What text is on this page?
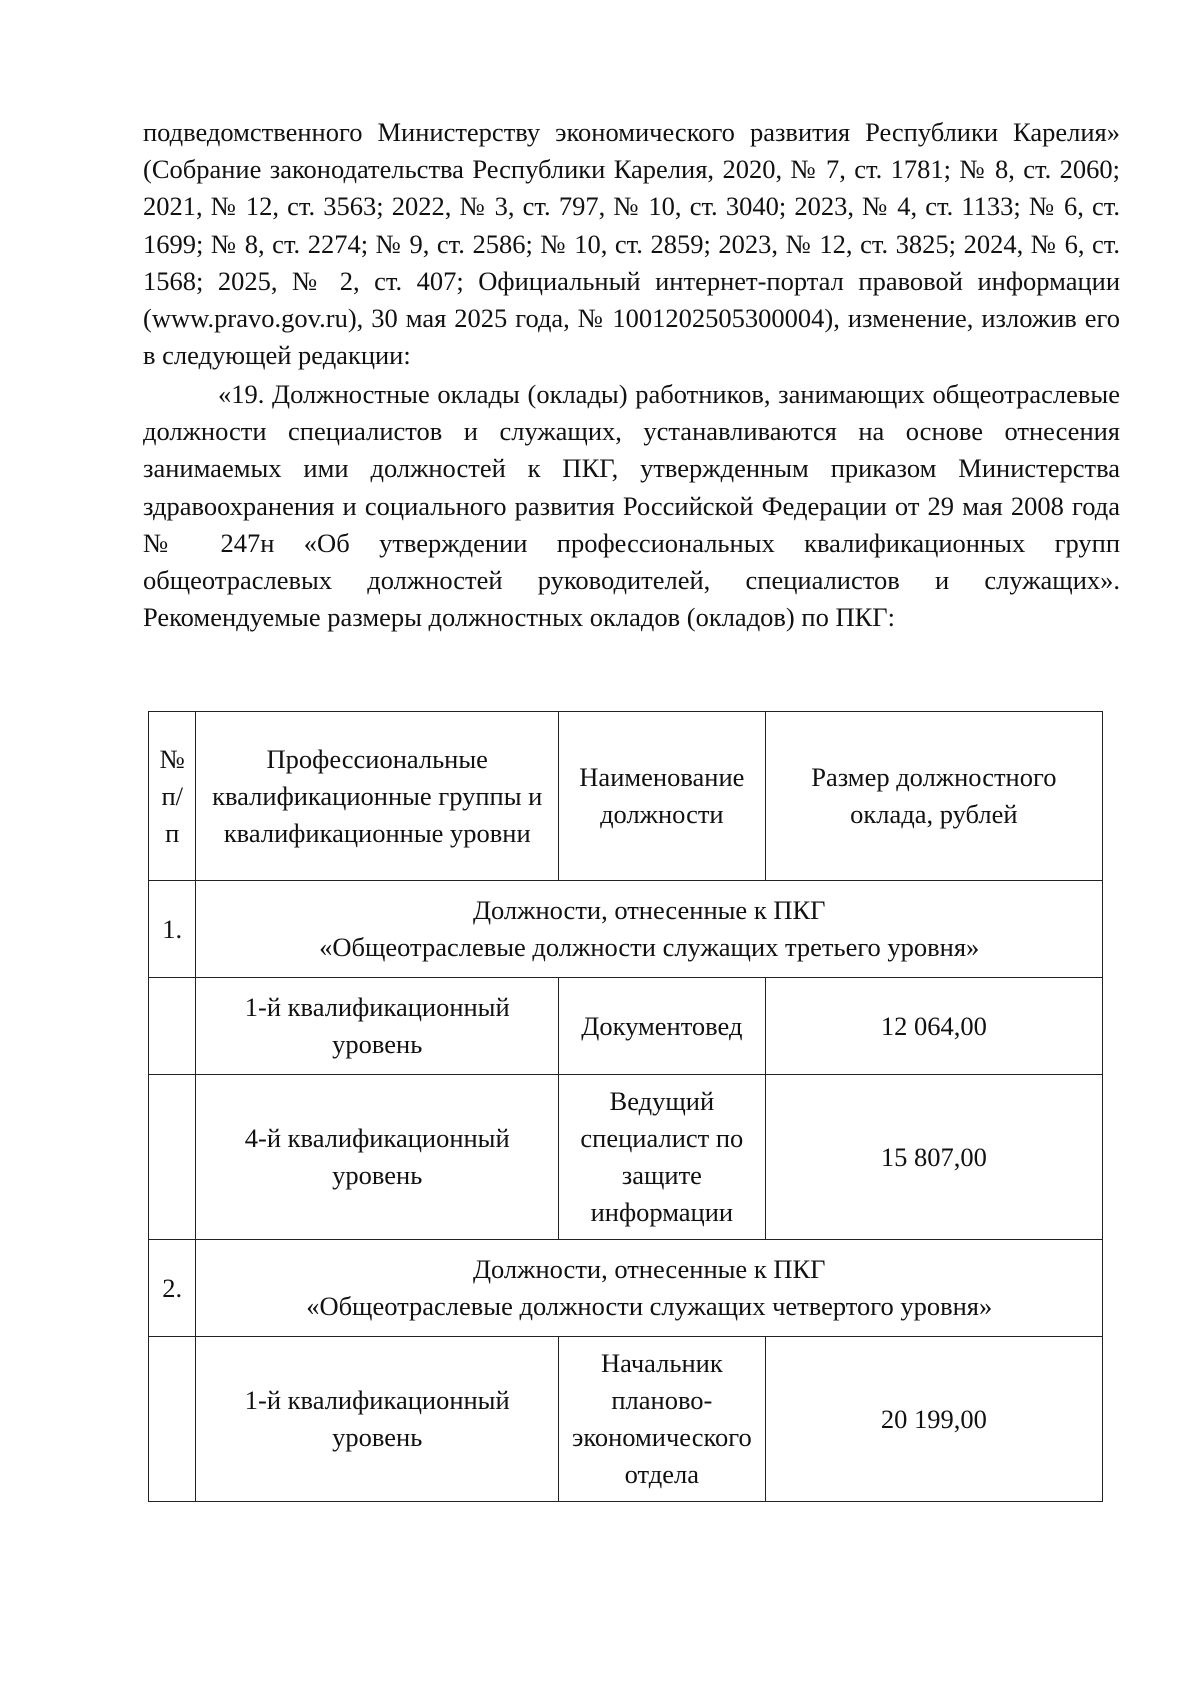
подведомственного Министерству экономического развития Республики Карелия» (Собрание законодательства Республики Карелия, 2020, № 7, ст. 1781; № 8, ст. 2060; 2021, № 12, ст. 3563; 2022, № 3, ст. 797, № 10, ст. 3040; 2023, № 4, ст. 1133; № 6, ст. 1699; № 8, ст. 2274; № 9, ст. 2586; № 10, ст. 2859; 2023, № 12, ст. 3825; 2024, № 6, ст. 1568; 2025, № 2, ст. 407; Официальный интернет-портал правовой информации (www.pravo.gov.ru), 30 мая 2025 года, № 1001202505300004), изменение, изложив его в следующей редакции:

«19. Должностные оклады (оклады) работников, занимающих общеотраслевые должности специалистов и служащих, устанавливаются на основе отнесения занимаемых ими должностей к ПКГ, утвержденным приказом Министерства здравоохранения и социального развития Российской Федерации от 29 мая 2008 года № 247н «Об утверждении профессиональных квалификационных групп общеотраслевых должностей руководителей, специалистов и служащих». Рекомендуемые размеры должностных окладов (окладов) по ПКГ:

№ п/п	Профессиональные квалификационные группы и квалификационные уровни	Наименование должности	Размер должностного оклада, рублей
1.	Должности, отнесенные к ПКГ
«Общеотраслевые должности служащих третьего уровня»		

	1-й квалификационный уровень	Документовед	12 064,00
	4-й квалификационный уровень	Ведущий специалист по защите информации	15 807,00
2.	Должности, отнесенные к ПКГ
«Общеотраслевые должности служащих четвертого уровня»		

	1-й квалификационный уровень	Начальник планово-экономического отдела	20 199,00
